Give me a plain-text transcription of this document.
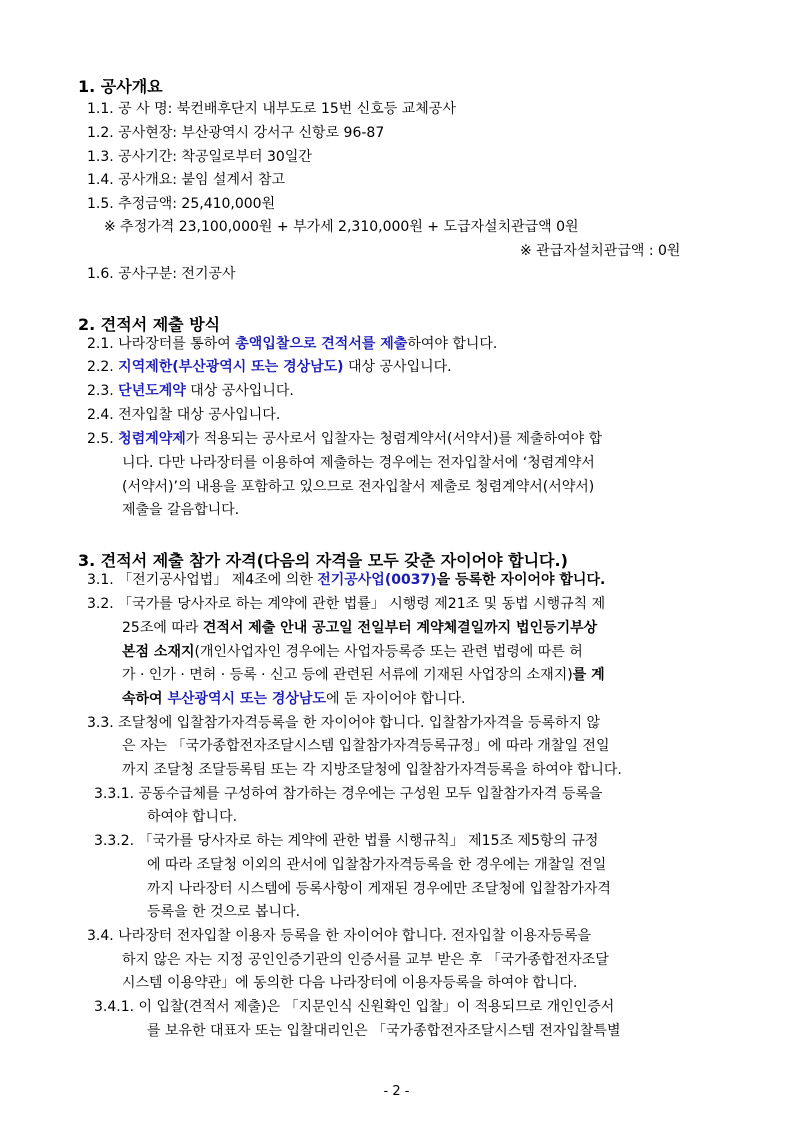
1. 공사개요
1.1. 공 사 명: 북컨배후단지 내부도로 15번 신호등 교체공사
1.2. 공사현장: 부산광역시 강서구 신항로 96-87
1.3. 공사기간: 착공일로부터 30일간
1.4. 공사개요: 붙임 설계서 참고
1.5. 추정금액: 25,410,000원
※ 추정가격 23,100,000원 + 부가세 2,310,000원 + 도급자설치관급액 0원
※ 관급자설치관급액 : 0원
1.6. 공사구분: 전기공사
2. 견적서 제출 방식
2.1. 나라장터를 통하여 총액입찰으로 견적서를 제출하여야 합니다.
2.2. 지역제한(부산광역시 또는 경상남도) 대상 공사입니다.
2.3. 단년도계약 대상 공사입니다.
2.4. 전자입찰 대상 공사입니다.
2.5. 청렴계약제가 적용되는 공사로서 입찰자는 청렴계약서(서약서)를 제출하여야 합
니다. 다만 나라장터를 이용하여 제출하는 경우에는 전자입찰서에 ‘청렴계약서
(서약서)’의 내용을 포함하고 있으므로 전자입찰서 제출로 청렴계약서(서약서)
제출을 갈음합니다.
3. 견적서 제출 참가 자격(다음의 자격을 모두 갖춘 자이어야 합니다.)
3.1. 「전기공사업법」 제4조에 의한 전기공사업(0037)을 등록한 자이어야 합니다.
3.2. 「국가를 당사자로 하는 계약에 관한 법률」 시행령 제21조 및 동법 시행규칙 제
25조에 따라 견적서 제출 안내 공고일 전일부터 계약체결일까지 법인등기부상
본점 소재지(개인사업자인 경우에는 사업자등록증 또는 관련 법령에 따른 허
가 · 인가 · 면허 · 등록 · 신고 등에 관련된 서류에 기재된 사업장의 소재지)를 계
속하여 부산광역시 또는 경상남도에 둔 자이어야 합니다.
3.3. 조달청에 입찰참가자격등록을 한 자이어야 합니다. 입찰참가자격을 등록하지 않
은 자는 「국가종합전자조달시스템 입찰참가자격등록규정」에 따라 개찰일 전일
까지 조달청 조달등록팀 또는 각 지방조달청에 입찰참가자격등록을 하여야 합니다.
3.3.1. 공동수급체를 구성하여 참가하는 경우에는 구성원 모두 입찰참가자격 등록을
하여야 합니다.
3.3.2. 「국가를 당사자로 하는 계약에 관한 법률 시행규칙」 제15조 제5항의 규정
에 따라 조달청 이외의 관서에 입찰참가자격등록을 한 경우에는 개찰일 전일
까지 나라장터 시스템에 등록사항이 게재된 경우에만 조달청에 입찰참가자격
등록을 한 것으로 봅니다.
3.4. 나라장터 전자입찰 이용자 등록을 한 자이어야 합니다. 전자입찰 이용자등록을
하지 않은 자는 지정 공인인증기관의 인증서를 교부 받은 후 「국가종합전자조달
시스템 이용약관」에 동의한 다음 나라장터에 이용자등록을 하여야 합니다.
3.4.1. 이 입찰(견적서 제출)은 「지문인식 신원확인 입찰」이 적용되므로 개인인증서
를 보유한 대표자 또는 입찰대리인은 「국가종합전자조달시스템 전자입찰특별
- 2 -
